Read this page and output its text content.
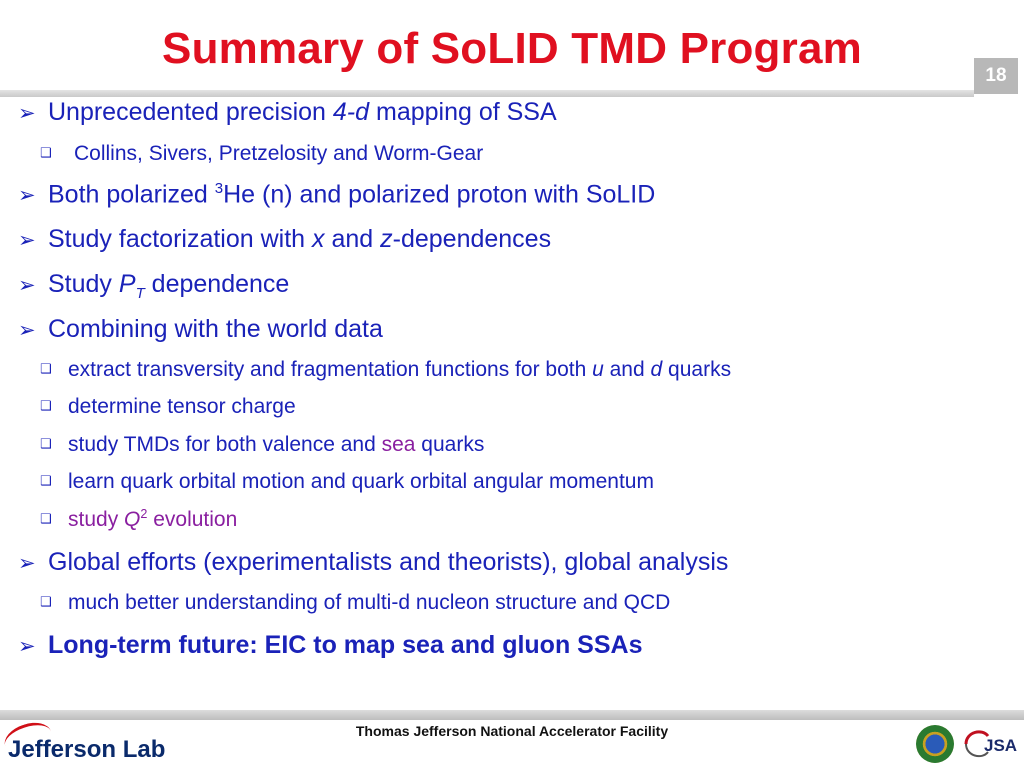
Summary of SoLID TMD Program
18
➢ Unprecedented precision 4-d mapping of SSA
❑ Collins, Sivers, Pretzelosity and Worm-Gear
➢ Both polarized $^3$He (n) and polarized proton with SoLID
➢ Study factorization with x and z-dependences
➢ Study $P_T$ dependence
➢ Combining with the world data
❑ extract transversity and fragmentation functions for both u and d quarks
❑ determine tensor charge
❑ study TMDs for both valence and sea quarks
❑ learn quark orbital motion and quark orbital angular momentum
❑ study $Q^2$ evolution
➢ Global efforts (experimentalists and theorists), global analysis
❑ much better understanding of multi-d nucleon structure and QCD
➢ Long-term future: EIC to map sea and gluon SSAs
Jefferson Lab
Thomas Jefferson National Accelerator Facility
JSA
